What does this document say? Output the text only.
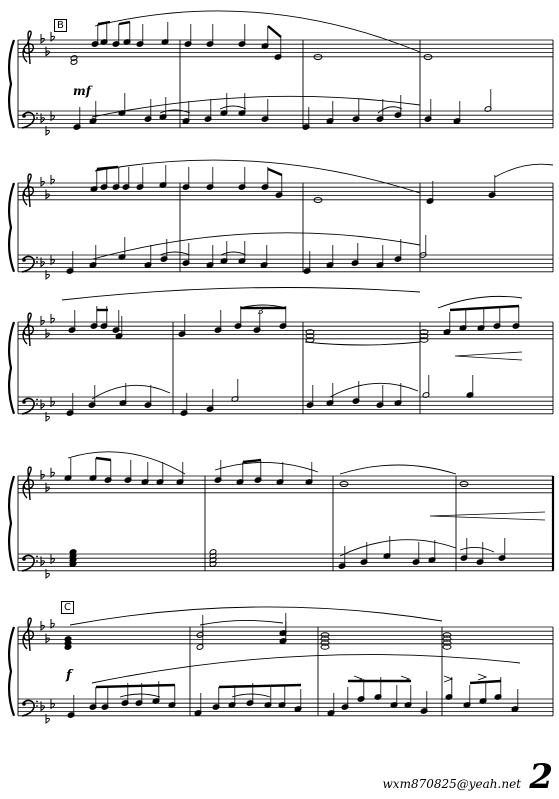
B
C
mf
f
3
wxm870825@yeah.net 2
